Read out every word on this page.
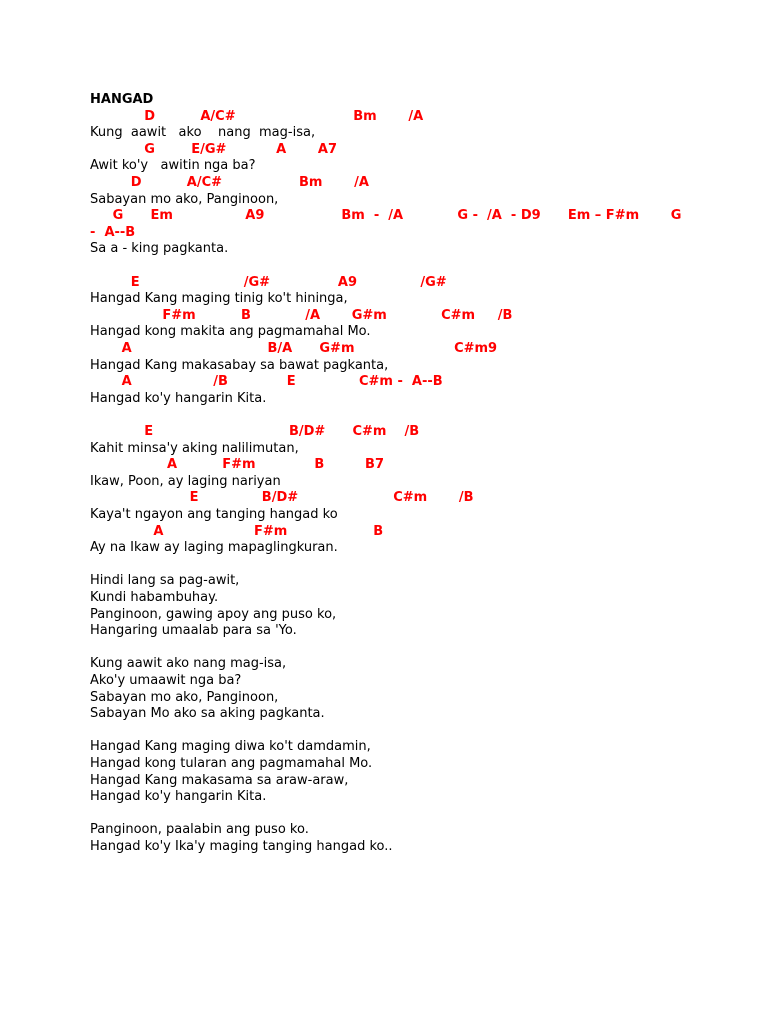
HANGAD
D          A/C#                          Bm       /A
Kung  aawit   ako    nang  mag-isa,
G        E/G#           A       A7
Awit ko'y   awitin nga ba?
D          A/C#                 Bm       /A
Sabayan mo ako, Panginoon,
G      Em                A9                 Bm  -  /A            G -  /A  - D9      Em – F#m       G
-  A--B
Sa a - king pagkanta.
E                       /G#               A9              /G#
Hangad Kang maging tinig ko't hininga,
F#m          B            /A       G#m            C#m     /B
Hangad kong makita ang pagmamahal Mo.
A                              B/A      G#m                      C#m9
Hangad Kang makasabay sa bawat pagkanta,
A                  /B             E              C#m -  A--B
Hangad ko'y hangarin Kita.
E                              B/D#      C#m    /B
Kahit minsa'y aking nalilimutan,
A          F#m             B         B7
Ikaw, Poon, ay laging nariyan
E              B/D#                     C#m       /B
Kaya't ngayon ang tanging hangad ko
A                    F#m                   B
Ay na Ikaw ay laging mapaglingkuran.
Hindi lang sa pag-awit,
Kundi habambuhay.
Panginoon, gawing apoy ang puso ko,
Hangaring umaalab para sa 'Yo.
Kung aawit ako nang mag-isa,
Ako'y umaawit nga ba?
Sabayan mo ako, Panginoon,
Sabayan Mo ako sa aking pagkanta.
Hangad Kang maging diwa ko't damdamin,
Hangad kong tularan ang pagmamahal Mo.
Hangad Kang makasama sa araw-araw,
Hangad ko'y hangarin Kita.
Panginoon, paalabin ang puso ko.
Hangad ko'y Ika'y maging tanging hangad ko..
